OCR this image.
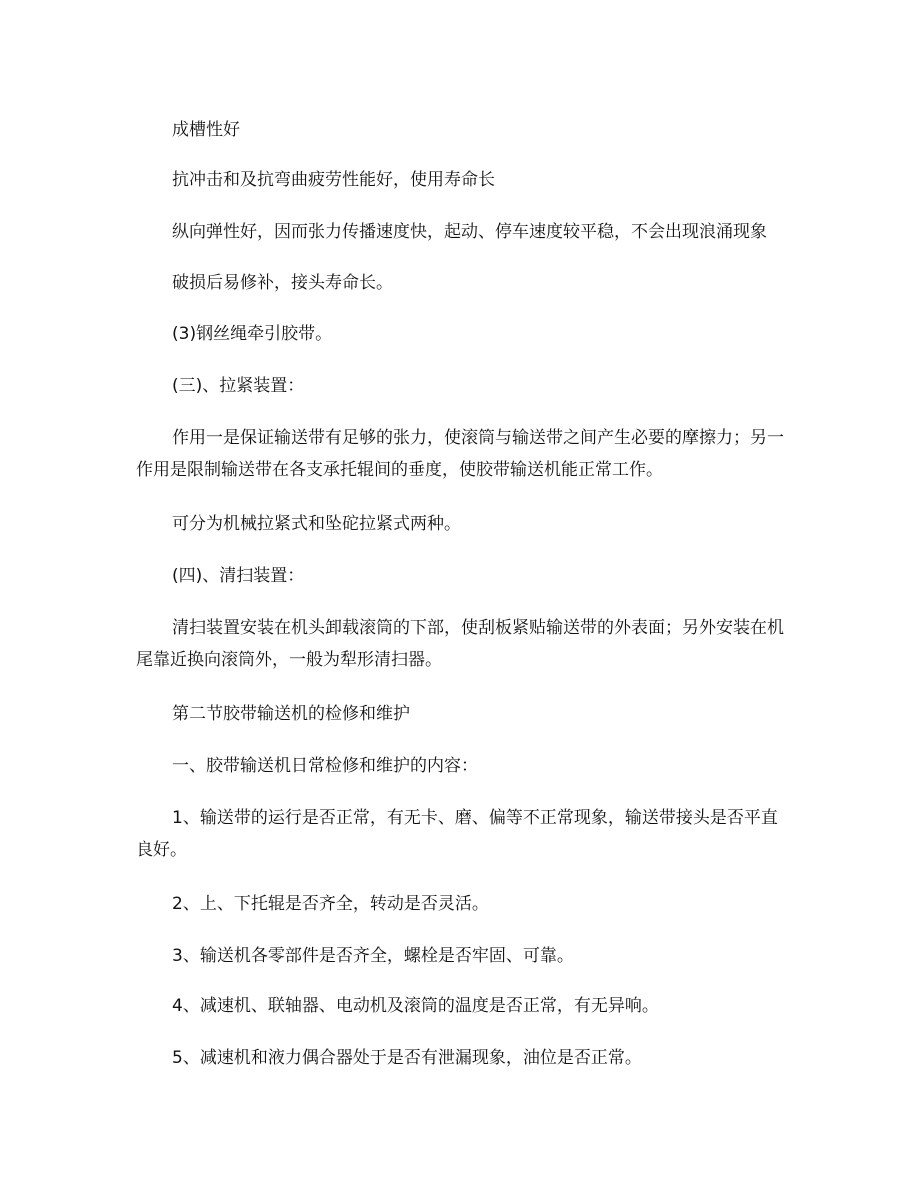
成槽性好

抗冲击和及抗弯曲疲劳性能好，使用寿命长

纵向弹性好，因而张力传播速度快，起动、停车速度较平稳，不会出现浪涌现象

破损后易修补，接头寿命长。

(3)钢丝绳牵引胶带。

(三)、拉紧装置：

作用一是保证输送带有足够的张力，使滚筒与输送带之间产生必要的摩擦力；另一作用是限制输送带在各支承托辊间的垂度，使胶带输送机能正常工作。

可分为机械拉紧式和坠砣拉紧式两种。

(四)、清扫装置：

清扫装置安装在机头卸载滚筒的下部，使刮板紧贴输送带的外表面；另外安装在机尾靠近换向滚筒外，一般为犁形清扫器。

第二节胶带输送机的检修和维护

一、胶带输送机日常检修和维护的内容：

1、输送带的运行是否正常，有无卡、磨、偏等不正常现象，输送带接头是否平直良好。

2、上、下托辊是否齐全，转动是否灵活。

3、输送机各零部件是否齐全，螺栓是否牢固、可靠。

4、减速机、联轴器、电动机及滚筒的温度是否正常，有无异响。

5、减速机和液力偶合器处于是否有泄漏现象，油位是否正常。
